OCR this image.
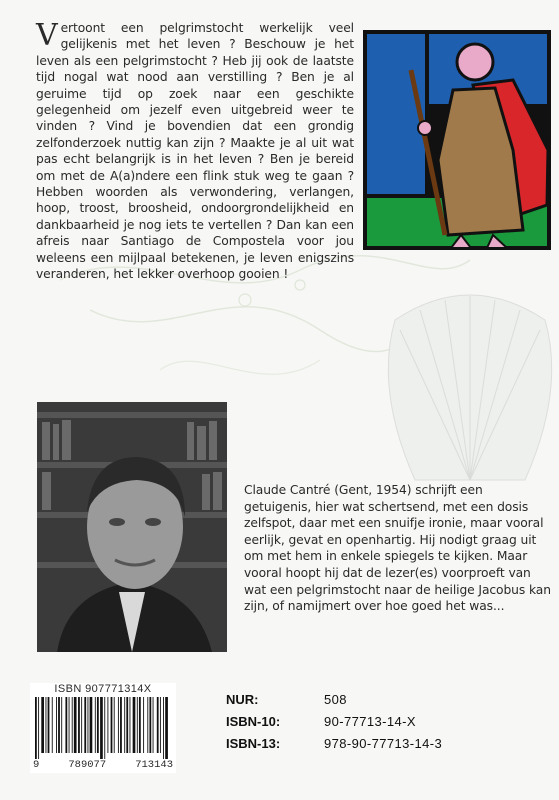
Vertoont een pelgrimstocht werkelijk veel gelijkenis met het leven ? Beschouw je het leven als een pelgrimstocht ? Heb jij ook de laatste tijd nogal wat nood aan verstilling ? Ben je al geruime tijd op zoek naar een geschikte gelegenheid om jezelf even uitgebreid weer te vinden ? Vind je bovendien dat een grondig zelfonderzoek nuttig kan zijn ? Maakte je al uit wat pas echt belangrijk is in het leven ? Ben je bereid om met de A(a)ndere een flink stuk weg te gaan ? Hebben woorden als verwondering, verlangen, hoop, troost, broosheid, ondoorgrondelijkheid en dankbaarheid je nog iets te vertellen ? Dan kan een afreis naar Santiago de Compostela voor jou weleens een mijlpaal betekenen, je leven enigszins veranderen, het lekker overhoop gooien !
Claude Cantré (Gent, 1954) schrijft een getuigenis, hier wat schertsend, met een dosis zelfspot, daar met een snuifje ironie, maar vooral eerlijk, gevat en openhartig. Hij nodigt graag uit om met hem in enkele spiegels te kijken. Maar vooral hoopt hij dat de lezer(es) voorproeft van wat een pelgrimstocht naar de heilige Jacobus kan zijn, of namijmert over hoe goed het was...
ISBN 907771314X
9	789077	713143
NUR:	508
ISBN-10:	90-77713-14-X
ISBN-13:	978-90-77713-14-3
